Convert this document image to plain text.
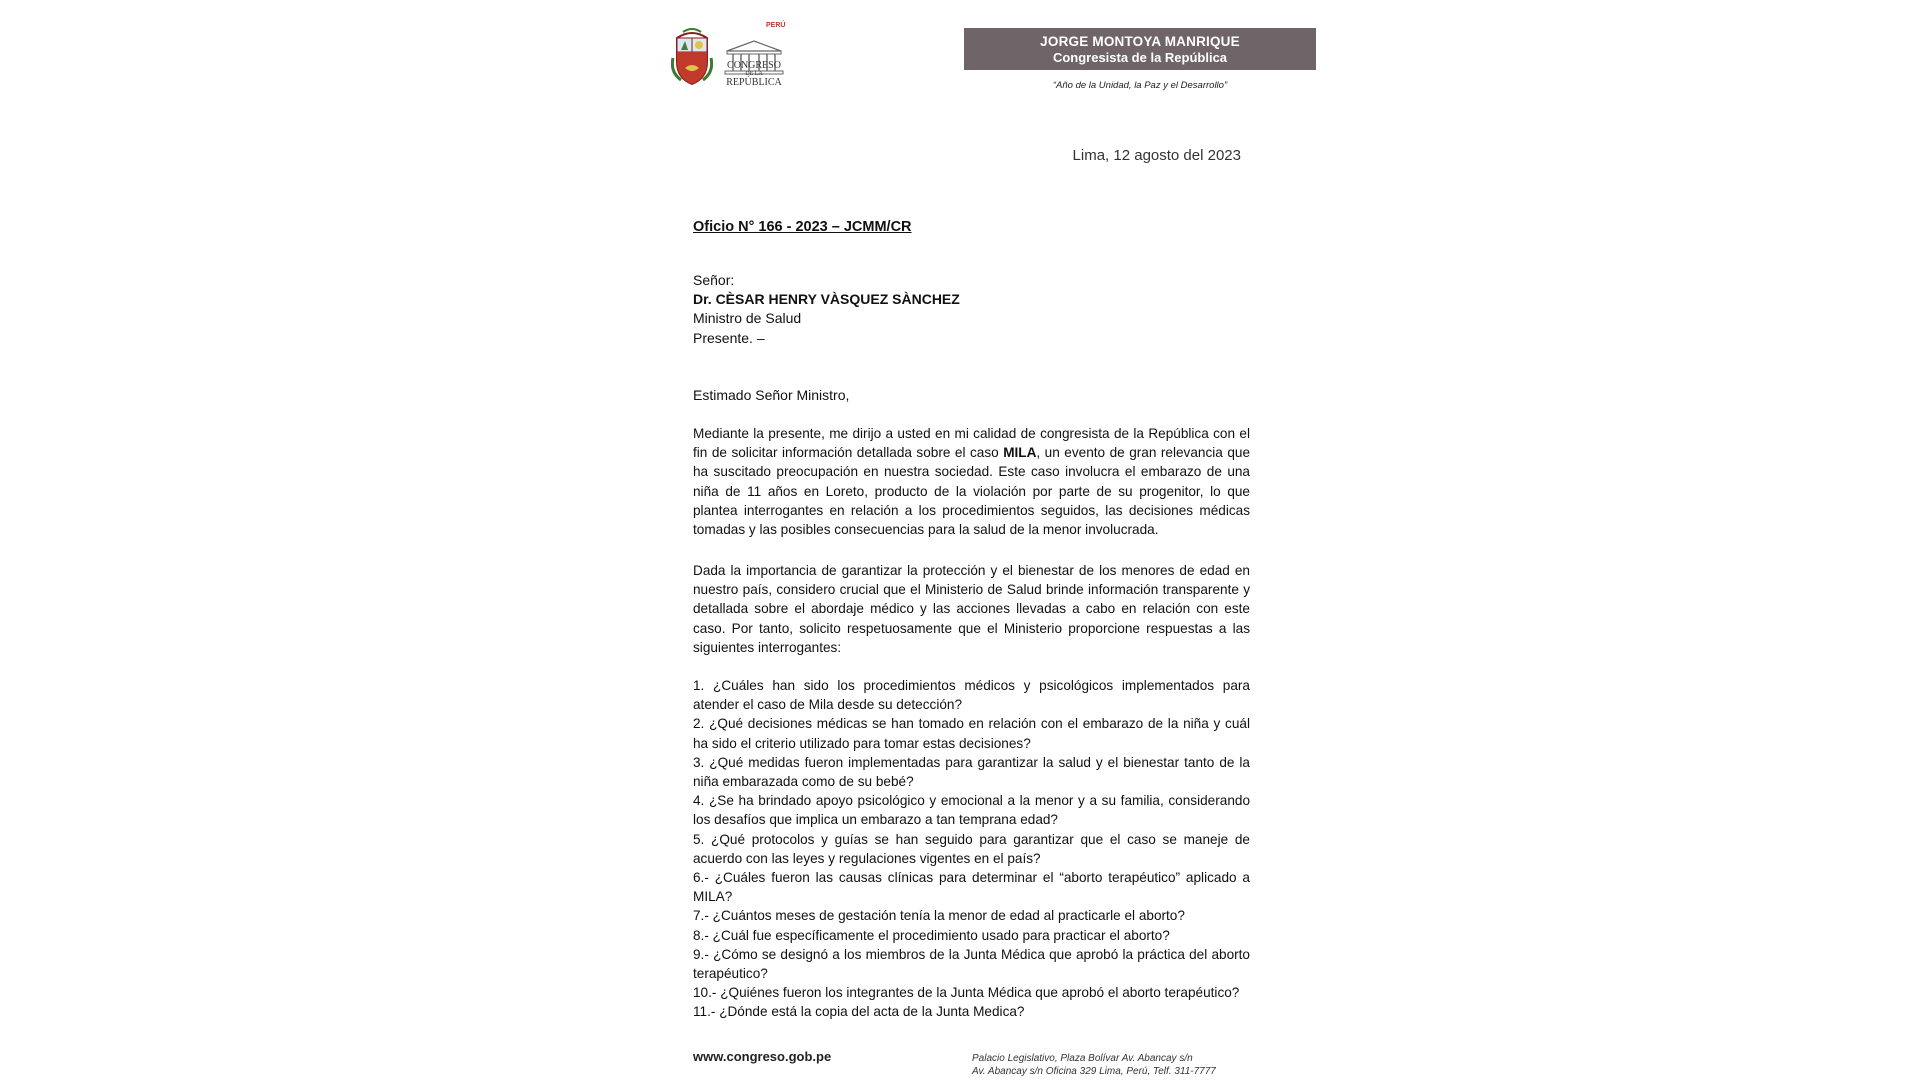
PERÚ
CONGRESO
DE LA
REPÚBLICA
JORGE MONTOYA MANRIQUE
Congresista de la República
“Año de la Unidad, la Paz y el Desarrollo”
Lima, 12 agosto del 2023
Oficio N° 166 - 2023 – JCMM/CR
Señor:
Dr. CÈSAR HENRY VÀSQUEZ SÀNCHEZ
Ministro de Salud
Presente. –
Estimado Señor Ministro,

Mediante la presente, me dirijo a usted en mi calidad de congresista de la República con el fin de solicitar información detallada sobre el caso MILA, un evento de gran relevancia que ha suscitado preocupación en nuestra sociedad. Este caso involucra el embarazo de una niña de 11 años en Loreto, producto de la violación por parte de su progenitor, lo que plantea interrogantes en relación a los procedimientos seguidos, las decisiones médicas tomadas y las posibles consecuencias para la salud de la menor involucrada.

Dada la importancia de garantizar la protección y el bienestar de los menores de edad en nuestro país, considero crucial que el Ministerio de Salud brinde información transparente y detallada sobre el abordaje médico y las acciones llevadas a cabo en relación con este caso. Por tanto, solicito respetuosamente que el Ministerio proporcione respuestas a las siguientes interrogantes:

1. ¿Cuáles han sido los procedimientos médicos y psicológicos implementados para atender el caso de Mila desde su detección?
2. ¿Qué decisiones médicas se han tomado en relación con el embarazo de la niña y cuál ha sido el criterio utilizado para tomar estas decisiones?
3. ¿Qué medidas fueron implementadas para garantizar la salud y el bienestar tanto de la niña embarazada como de su bebé?
4. ¿Se ha brindado apoyo psicológico y emocional a la menor y a su familia, considerando los desafíos que implica un embarazo a tan temprana edad?
5. ¿Qué protocolos y guías se han seguido para garantizar que el caso se maneje de acuerdo con las leyes y regulaciones vigentes en el país?
6.- ¿Cuáles fueron las causas clínicas para determinar el “aborto terapéutico” aplicado a MILA?
7.- ¿Cuántos meses de gestación tenía la menor de edad al practicarle el aborto?
8.- ¿Cuál fue específicamente el procedimiento usado para practicar el aborto?
9.- ¿Cómo se designó a los miembros de la Junta Médica que aprobó la práctica del aborto terapéutico?
10.- ¿Quiénes fueron los integrantes de la Junta Médica que aprobó el aborto terapéutico?
11.- ¿Dónde está la copia del acta de la Junta Medica?
www.congreso.gob.pe	Palacio Legislativo, Plaza Bolívar Av. Abancay s/n
Av. Abancay s/n Oficina 329 Lima, Perú, Telf. 311-7777
